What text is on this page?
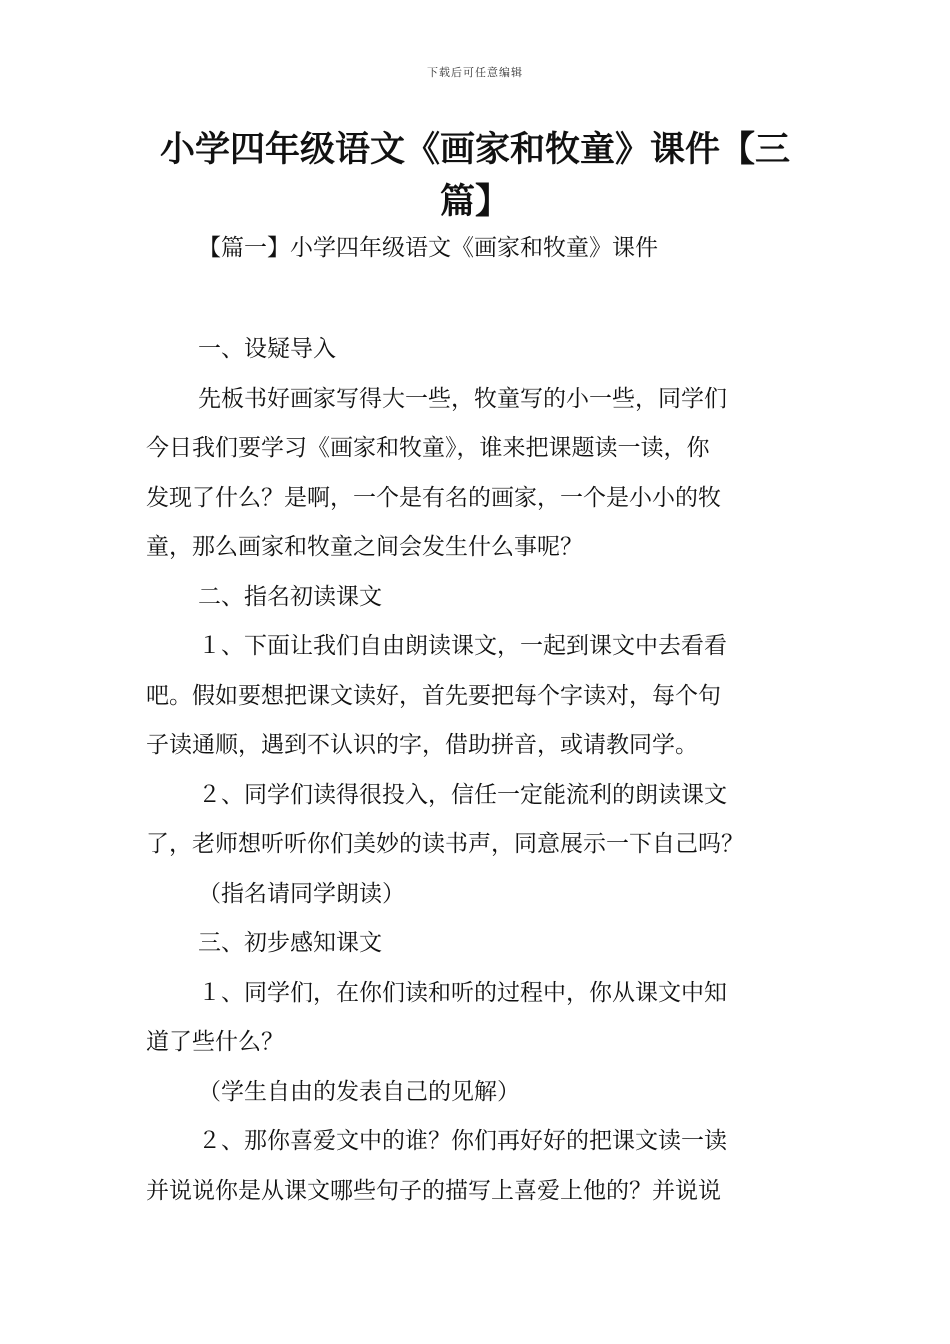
下载后可任意编辑
小学四年级语文《画家和牧童》课件【三
篇】
【篇一】小学四年级语文《画家和牧童》课件
一、设疑导入
先板书好画家写得大一些，牧童写的小一些，同学们
今日我们要学习《画家和牧童》，谁来把课题读一读，你
发现了什么？是啊，一个是有名的画家，一个是小小的牧
童，那么画家和牧童之间会发生什么事呢？
二、指名初读课文
１、下面让我们自由朗读课文，一起到课文中去看看
吧。假如要想把课文读好，首先要把每个字读对，每个句
子读通顺，遇到不认识的字，借助拼音，或请教同学。
２、同学们读得很投入，信任一定能流利的朗读课文
了，老师想听听你们美妙的读书声，同意展示一下自己吗？
（指名请同学朗读）
三、初步感知课文
１、同学们，在你们读和听的过程中，你从课文中知
道了些什么？
（学生自由的发表自己的见解）
２、那你喜爱文中的谁？你们再好好的把课文读一读
并说说你是从课文哪些句子的描写上喜爱上他的？并说说
